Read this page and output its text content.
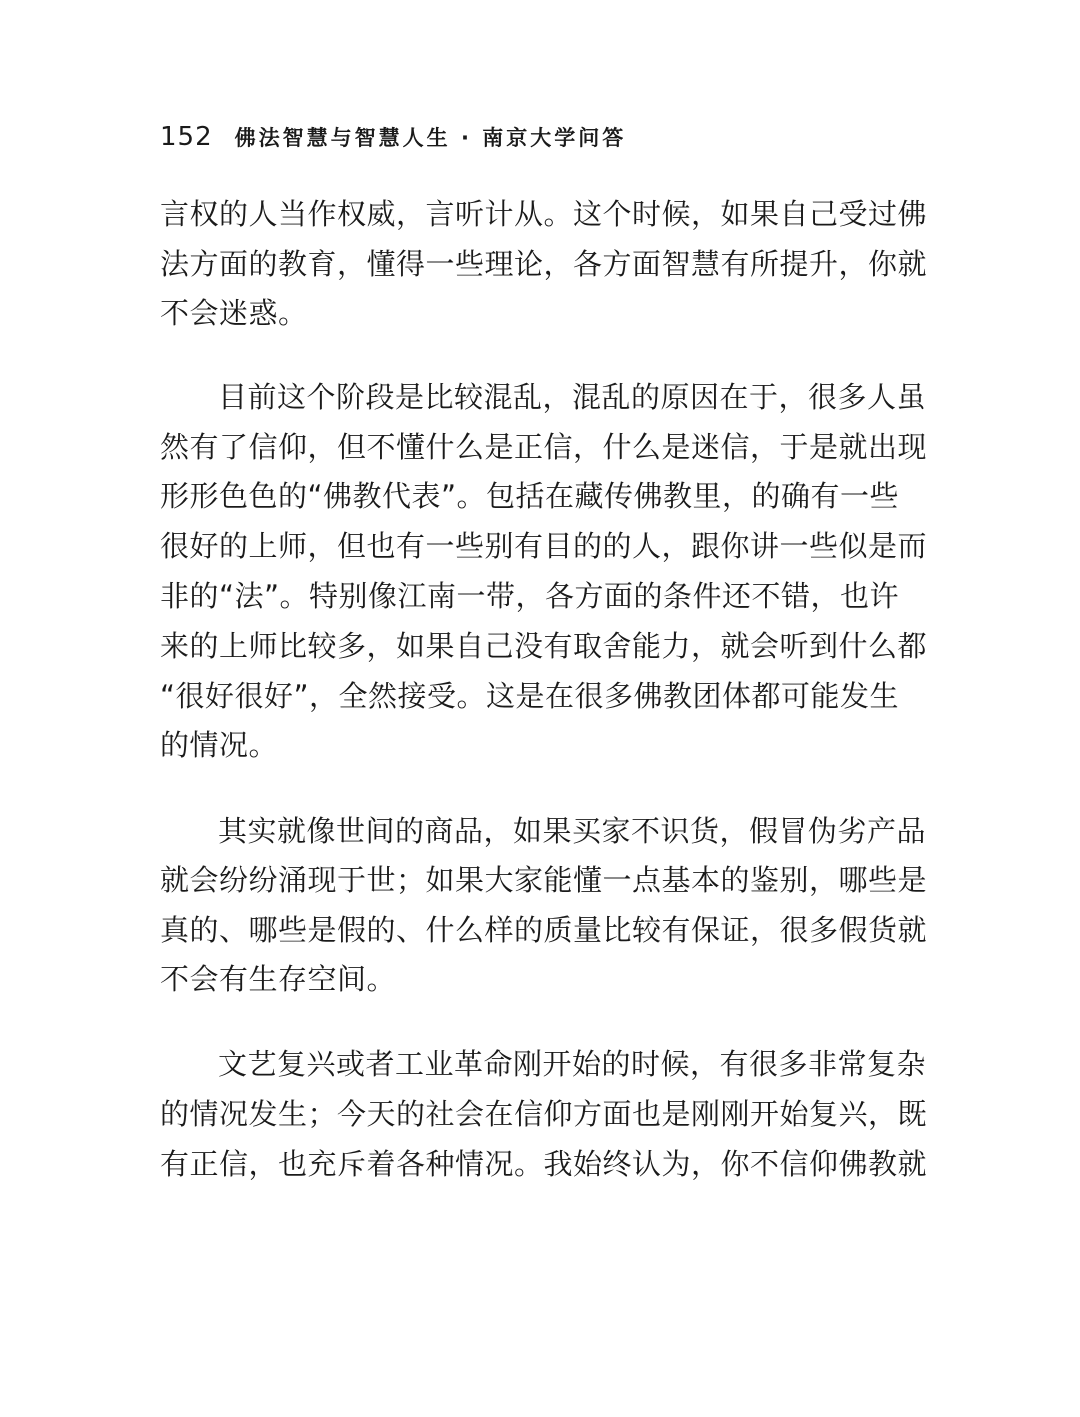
152 佛法智慧与智慧人生 · 南京大学问答
言权的人当作权威，言听计从。这个时候，如果自己受过佛
法方面的教育，懂得一些理论，各方面智慧有所提升，你就
不会迷惑。
目前这个阶段是比较混乱，混乱的原因在于，很多人虽
然有了信仰，但不懂什么是正信，什么是迷信，于是就出现
形形色色的“佛教代表”。包括在藏传佛教里，的确有一些
很好的上师，但也有一些别有目的的人，跟你讲一些似是而
非的“法”。特别像江南一带，各方面的条件还不错，也许
来的上师比较多，如果自己没有取舍能力，就会听到什么都
“很好很好”，全然接受。这是在很多佛教团体都可能发生
的情况。
其实就像世间的商品，如果买家不识货，假冒伪劣产品
就会纷纷涌现于世；如果大家能懂一点基本的鉴别，哪些是
真的、哪些是假的、什么样的质量比较有保证，很多假货就
不会有生存空间。
文艺复兴或者工业革命刚开始的时候，有很多非常复杂
的情况发生；今天的社会在信仰方面也是刚刚开始复兴，既
有正信，也充斥着各种情况。我始终认为，你不信仰佛教就
